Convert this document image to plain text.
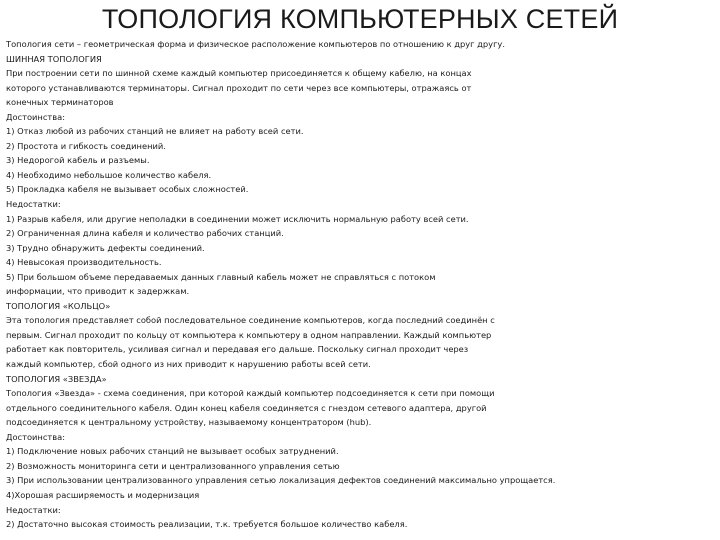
ТОПОЛОГИЯ КОМПЬЮТЕРНЫХ СЕТЕЙ
Топология сети – геометрическая форма и физическое расположение компьютеров по отношению к друг другу.
ШИННАЯ ТОПОЛОГИЯ
При построении сети по шинной схеме каждый компьютер присоединяется к общему кабелю, на концах
которого устанавливаются терминаторы. Сигнал проходит по сети через все компьютеры, отражаясь от
конечных терминаторов
Достоинства:
1) Отказ любой из рабочих станций не влияет на работу всей сети.
2) Простота и гибкость соединений.
3) Недорогой кабель и разъемы.
4) Необходимо небольшое количество кабеля.
5) Прокладка кабеля не вызывает особых сложностей.
Недостатки:
1) Разрыв кабеля, или другие неполадки в соединении может исключить нормальную работу всей сети.
2) Ограниченная длина кабеля и количество рабочих станций.
3) Трудно обнаружить дефекты соединений.
4) Невысокая производительность.
5) При большом объеме передаваемых данных главный кабель может не справляться с потоком
информации, что приводит к задержкам.
ТОПОЛОГИЯ «КОЛЬЦО»
Эта топология представляет собой последовательное соединение компьютеров, когда последний соединён с
первым. Сигнал проходит по кольцу от компьютера к компьютеру в одном направлении. Каждый компьютер
работает как повторитель, усиливая сигнал и передавая его дальше. Поскольку сигнал проходит через
каждый компьютер, сбой одного из них приводит к нарушению работы всей сети.
ТОПОЛОГИЯ «ЗВЕЗДА»
Топология «Звезда» - схема соединения, при которой каждый компьютер подсоединяется к сети при помощи
отдельного соединительного кабеля. Один конец кабеля соединяется с гнездом сетевого адаптера, другой
подсоединяется к центральному устройству, называемому концентратором (hub).
Достоинства:
1) Подключение новых рабочих станций не вызывает особых затруднений.
2) Возможность мониторинга сети и централизованного управления сетью
3) При использовании централизованного управления сетью локализация дефектов соединений максимально упрощается.
4)Хорошая расширяемость и модернизация
Недостатки:
2) Достаточно высокая стоимость реализации, т.к. требуется большое количество кабеля.
